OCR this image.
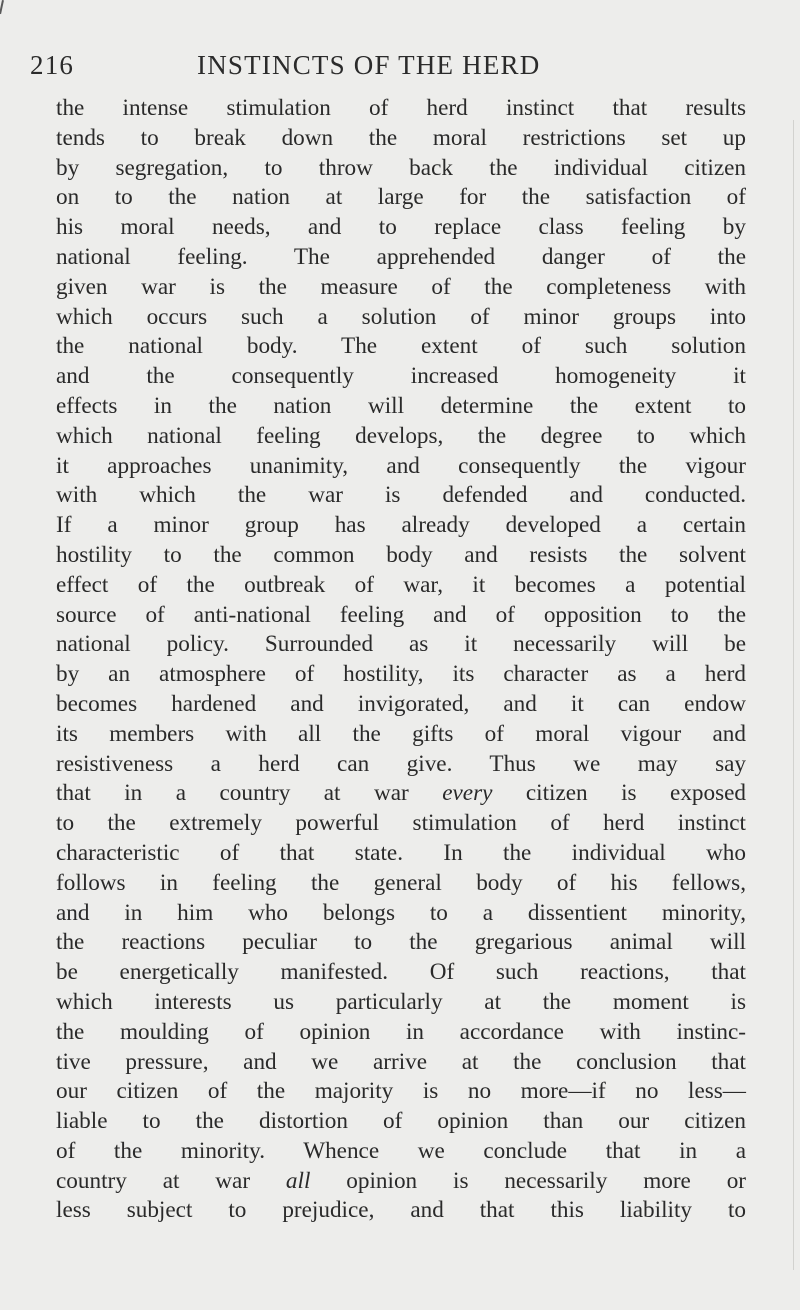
216	INSTINCTS OF THE HERD
the intense stimulation of herd instinct that results
tends to break down the moral restrictions set up
by segregation, to throw back the individual citizen
on to the nation at large for the satisfaction of
his moral needs, and to replace class feeling by
national feeling. The apprehended danger of the
given war is the measure of the completeness with
which occurs such a solution of minor groups into
the national body. The extent of such solution
and the consequently increased homogeneity it
effects in the nation will determine the extent to
which national feeling develops, the degree to which
it approaches unanimity, and consequently the vigour
with which the war is defended and conducted.
If a minor group has already developed a certain
hostility to the common body and resists the solvent
effect of the outbreak of war, it becomes a potential
source of anti-national feeling and of opposition to the
national policy. Surrounded as it necessarily will be
by an atmosphere of hostility, its character as a herd
becomes hardened and invigorated, and it can endow
its members with all the gifts of moral vigour and
resistiveness a herd can give. Thus we may say
that in a country at war every citizen is exposed
to the extremely powerful stimulation of herd instinct
characteristic of that state. In the individual who
follows in feeling the general body of his fellows,
and in him who belongs to a dissentient minority,
the reactions peculiar to the gregarious animal will
be energetically manifested. Of such reactions, that
which interests us particularly at the moment is
the moulding of opinion in accordance with instinc-
tive pressure, and we arrive at the conclusion that
our citizen of the majority is no more—if no less—
liable to the distortion of opinion than our citizen
of the minority. Whence we conclude that in a
country at war all opinion is necessarily more or
less subject to prejudice, and that this liability to
